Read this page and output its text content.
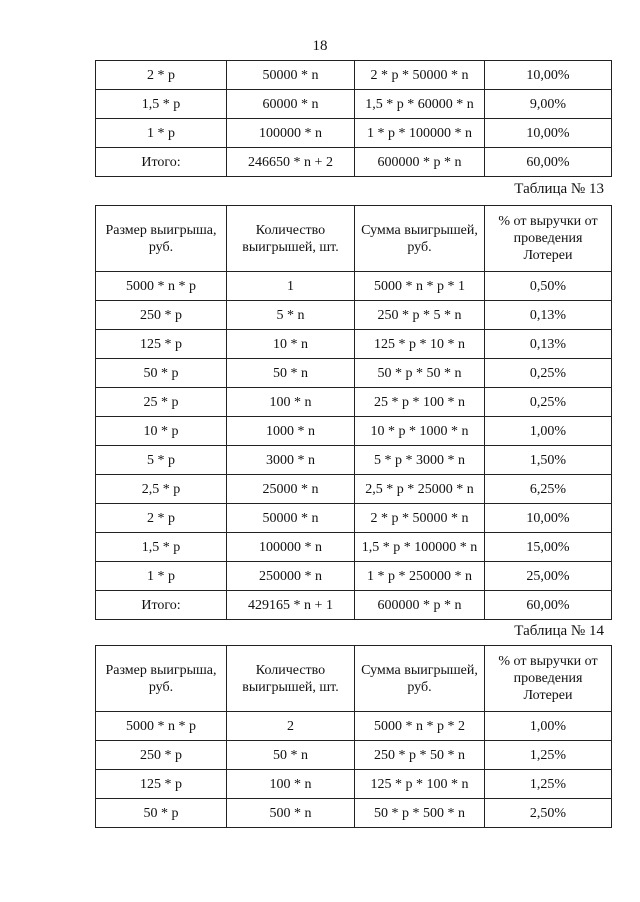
18
2 * p	50000 * n	2 * p * 50000 * n	10,00%
1,5 * p	60000 * n	1,5 * p * 60000 * n	9,00%
1 * p	100000 * n	1 * p * 100000 * n	10,00%
Итого:	246650 * n + 2	600000 * p * n	60,00%
Таблица № 13
Размер выигрыша, руб.	Количество выигрышей, шт.	Сумма выигрышей, руб.	% от выручки от проведения Лотереи
5000 * n * p	1	5000 * n * p * 1	0,50%
250 * p	5 * n	250 * p * 5 * n	0,13%
125 * p	10 * n	125 * p * 10 * n	0,13%
50 * p	50 * n	50 * p * 50 * n	0,25%
25 * p	100 * n	25 * p * 100 * n	0,25%
10 * p	1000 * n	10 * p * 1000 * n	1,00%
5 * p	3000 * n	5 * p * 3000 * n	1,50%
2,5 * p	25000 * n	2,5 * p * 25000 * n	6,25%
2 * p	50000 * n	2 * p * 50000 * n	10,00%
1,5 * p	100000 * n	1,5 * p * 100000 * n	15,00%
1 * p	250000 * n	1 * p * 250000 * n	25,00%
Итого:	429165 * n + 1	600000 * p * n	60,00%
Таблица № 14
Размер выигрыша, руб.	Количество выигрышей, шт.	Сумма выигрышей, руб.	% от выручки от проведения Лотереи
5000 * n * p	2	5000 * n * p * 2	1,00%
250 * p	50 * n	250 * p * 50 * n	1,25%
125 * p	100 * n	125 * p * 100 * n	1,25%
50 * p	500 * n	50 * p * 500 * n	2,50%
